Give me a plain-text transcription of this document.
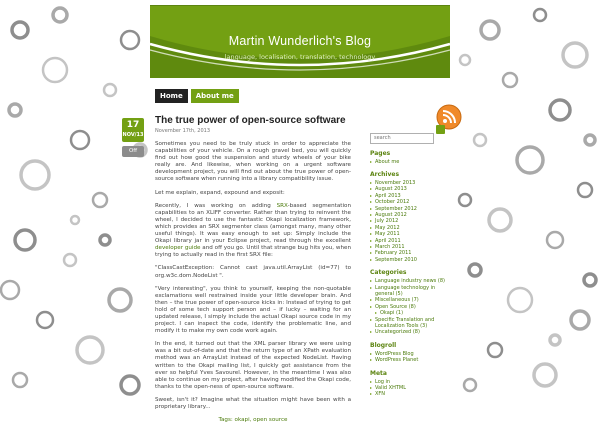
Martin Wunderlich's Blog
language, localisation, translation, technology
Home	About me
17
NOV/13
Off
The true power of open-source software
November 17th, 2013

Sometimes you need to be truly stuck in order to appreciate the capabilities of your vehicle. On a rough gravel bed, you will quickly find out how good the suspension and sturdy wheels of your bike really are. And likewise, when working on a urgent software development project, you will find out about the true power of open-source software when running into a library compatibility issue.

Let me explain, expand, expound and exposit:

Recently, I was working on adding SRX-based segmentation capabilities to an XLIFF converter. Rather than trying to reinvent the wheel, I decided to use the fantastic Okapi localization framework, which provides an SRX segmenter class (amongst many, many other useful things). It was easy enough to set up: Simply include the Okapi library jar in your Eclipse project, read through the excellent developer guide and off you go. Until that strange bug hits you, when trying to actually read in the first SRX file:

"ClassCastException: Cannot cast java.util.ArrayList (id=77) to org.w3c.dom.NodeList ".

"Very interesting", you think to yourself, keeping the non-quotable exclamations well restrained inside your little developer brain. And then – the true power of open-source kicks in: Instead of trying to get hold of some tech support person and – if lucky – waiting for an updated release, I simply include the actual Okapi source code in my project. I can inspect the code, identify the problematic line, and modify it to make my own code work again.

In the end, it turned out that the XML parser library we were using was a bit out-of-date and that the return type of an XPath evaluation method was an ArrayList instead of the expected NodeList. Having written to the Okapi mailing list, I quickly got assistance from the ever so helpful Yves Savourel. However, in the meantime I was also able to continue on my project, after having modified the Okapi code, thanks to the open-ness of open-source software.

Sweet, isn't it? Imagine what the situation might have been with a proprietary library...

Tags: okapi, open source

search
Pages
▸ About me
Archives
▸ November 2013
▸ August 2013
▸ April 2013
▸ October 2012
▸ September 2012
▸ August 2012
▸ July 2012
▸ May 2012
▸ May 2011
▸ April 2011
▸ March 2011
▸ February 2011
▸ September 2010
Categories
▸ Language industry news (8)
▸ Language technology in general (5)
▸ Miscellaneous (7)
▸ Open Source (8)
▸ Okapi (1)
▸ Specific Translation and Localization Tools (3)
▸ Uncategorized (8)
Blogroll
▸ WordPress Blog
▸ WordPress Planet
Meta
▸ Log in
▸ Valid XHTML
▸ XFN
